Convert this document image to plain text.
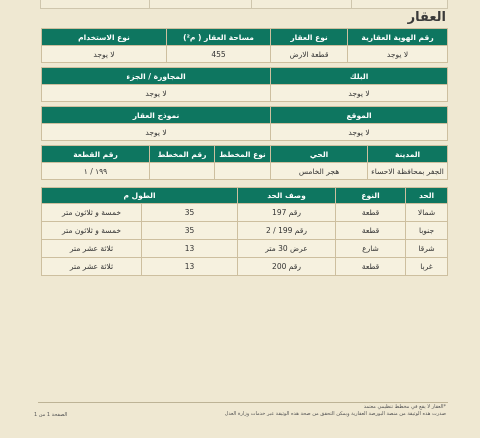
العقار
رقم الهوية العقارية		نوع العقار	مساحة العقار ( م²)		نوع الاستخدام	
لا يوجد		قطعة الارض	455		لا يوجد	

البلك			المجاورة / الجزء			
لا يوجد			لا يوجد			

الموقع			نموذج العقار			
لا يوجد			لا يوجد			

المدينة	الحي		نوع المخطط	رقم المخطط		رقم القطعة
الجفر بمحافظة الاحساء	هجر الخامس					١٩٩ / ١
الحد	النوع	وصف الحد	الطول م	
شمالا	قطعة	رقم 197	35	خمسة و ثلاثون متر
جنوبا	قطعة	رقم 199 / 2	35	خمسة و ثلاثون متر
شرقا	شارع	عرض 30 متر	13	ثلاثة عشر متر
غربا	قطعة	رقم 200	13	ثلاثة عشر متر
*العقار لا يقع في مخطط تنظيمي معتمد
صدرت هذه الوثيقة من منصة البورصة العقارية ويمكن التحقق من صحة هذه الوثيقة عبر خدمات وزارة العدل
الصفحة 1 من 1
